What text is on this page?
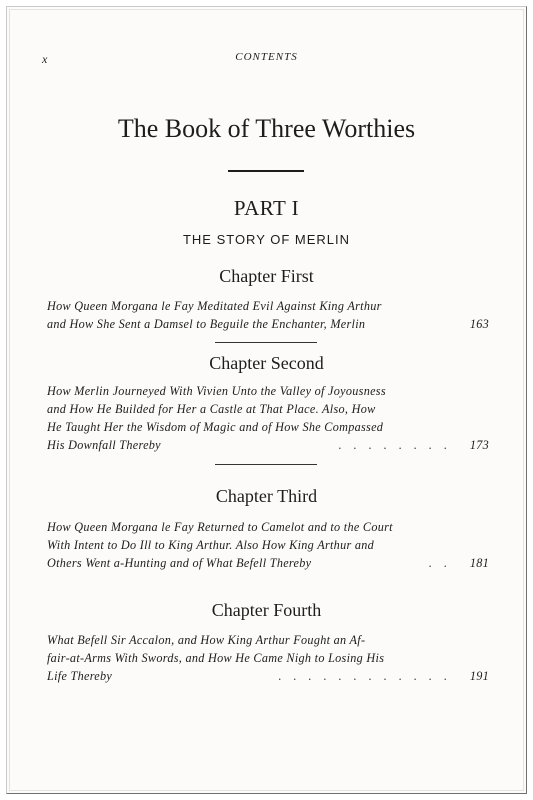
x	CONTENTS
The Book of Three Worthies
PART I
THE STORY OF MERLIN
Chapter First
How Queen Morgana le Fay Meditated Evil Against King Arthur
and How She Sent a Damsel to Beguile the Enchanter, Merlin	163
Chapter Second
How Merlin Journeyed With Vivien Unto the Valley of Joyousness
and How He Builded for Her a Castle at That Place. Also, How
He Taught Her the Wisdom of Magic and of How She Compassed
His Downfall Thereby	........ 173
Chapter Third
How Queen Morgana le Fay Returned to Camelot and to the Court
With Intent to Do Ill to King Arthur. Also How King Arthur and
Others Went a-Hunting and of What Befell Thereby	.. 181
Chapter Fourth
What Befell Sir Accalon, and How King Arthur Fought an Af-
fair-at-Arms With Swords, and How He Came Nigh to Losing His
Life Thereby	............ 191
